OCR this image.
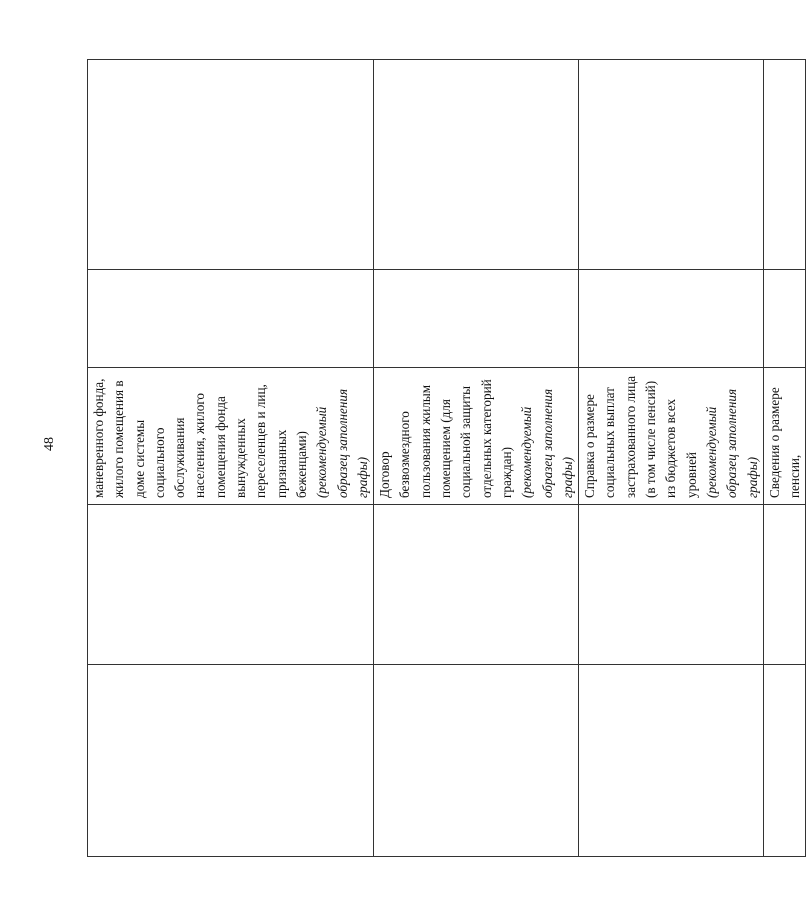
48

		маневренного фонда, жилого помещения в доме системы социального обслуживания населения, жилого помещения фонда вынужденных переселенцев и лиц, признанных беженцами) (рекомендуемый образец заполнения графы)		

		Договор безвозмездного пользования жилым помещением (для социальной защиты отдельных категорий граждан) (рекомендуемый образец заполнения графы)		

		Справка о размере социальных выплат застрахованного лица (в том числе пенсий) из бюджетов всех уровней (рекомендуемый образец заполнения графы)		

		Сведения о размере пенсии,		
